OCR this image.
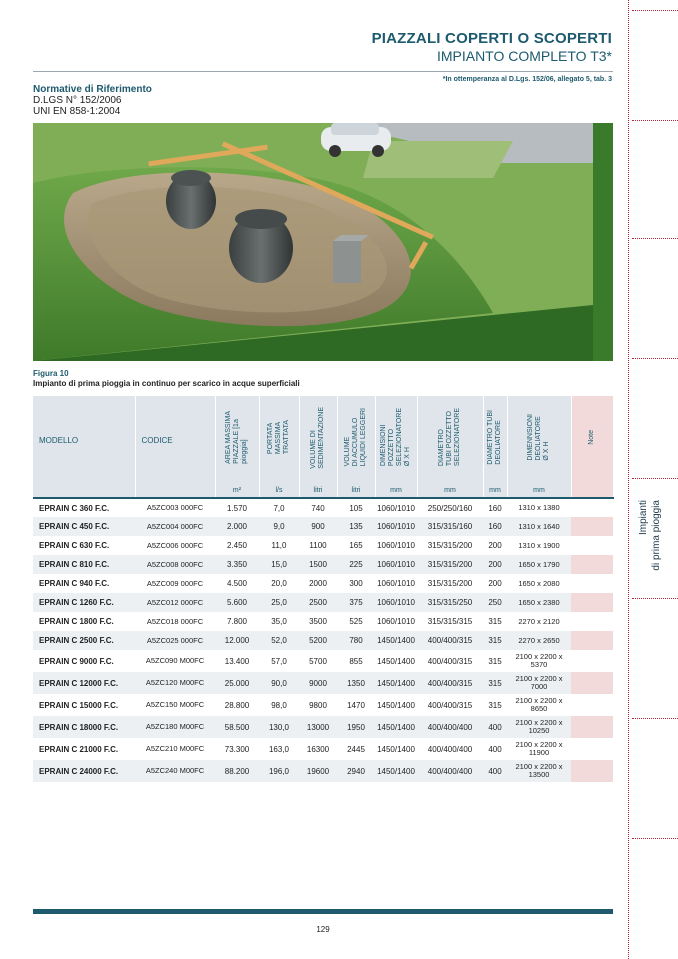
PIAZZALI COPERTI O SCOPERTI
IMPIANTO COMPLETO T3*
*In ottemperanza al D.Lgs. 152/06, allegato 5, tab. 3
Normative di Riferimento
D.LGS N° 152/2006
UNI EN 858-1:2004
Figura 10
Impianto di prima pioggia in continuo per scarico in acque superficiali
MODELLO	CODICE	AREA MASSIMA
PIAZZALE [1a
pioggia]	PORTATA
MASSIMA
TRATTATA	VOLUME DI
SEDIMENTAZIONE	VOLUME
DI ACCUMULO
LIQUIDI LEGGERI	DIMENSIONI
POZZETTO
SELEZIONATORE
Ø X H	DIAMETRO
TUBI POZZETTO
SELEZIONATORE	DIAMETRO TUBI
DEOLIATORE	DIMENNSIONI
DEOLIATORE
Ø X H	Note
		m²	l/s	litri	litri	mm	mm	mm	mm	
EPRAIN C 360 F.C.	A5ZC003 000FC	1.570	7,0	740	105	1060/1010	250/250/160	160	1310 x 1380	
EPRAIN C 450 F.C.	A5ZC004 000FC	2.000	9,0	900	135	1060/1010	315/315/160	160	1310 x 1640	
EPRAIN C 630 F.C.	A5ZC006 000FC	2.450	11,0	1100	165	1060/1010	315/315/200	200	1310 x 1900	
EPRAIN C 810 F.C.	A5ZC008 000FC	3.350	15,0	1500	225	1060/1010	315/315/200	200	1650 x 1790	
EPRAIN C 940 F.C.	A5ZC009 000FC	4.500	20,0	2000	300	1060/1010	315/315/200	200	1650 x 2080	
EPRAIN C 1260 F.C.	A5ZC012 000FC	5.600	25,0	2500	375	1060/1010	315/315/250	250	1650 x 2380	
EPRAIN C 1800 F.C.	A5ZC018 000FC	7.800	35,0	3500	525	1060/1010	315/315/315	315	2270 x 2120	
EPRAIN C 2500 F.C.	A5ZC025 000FC	12.000	52,0	5200	780	1450/1400	400/400/315	315	2270 x 2650	
EPRAIN C 9000 F.C.	A5ZC090 M00FC	13.400	57,0	5700	855	1450/1400	400/400/315	315	2100 x 2200 x 5370	
EPRAIN C 12000 F.C.	A5ZC120 M00FC	25.000	90,0	9000	1350	1450/1400	400/400/315	315	2100 x 2200 x 7000	
EPRAIN C 15000 F.C.	A5ZC150 M00FC	28.800	98,0	9800	1470	1450/1400	400/400/315	315	2100 x 2200 x 8650	
EPRAIN C 18000 F.C.	A5ZC180 M00FC	58.500	130,0	13000	1950	1450/1400	400/400/400	400	2100 x 2200 x 10250	
EPRAIN C 21000 F.C.	A5ZC210 M00FC	73.300	163,0	16300	2445	1450/1400	400/400/400	400	2100 x 2200 x 11900	
EPRAIN C 24000 F.C.	A5ZC240 M00FC	88.200	196,0	19600	2940	1450/1400	400/400/400	400	2100 x 2200 x 13500	
Impianti di prima pioggia
129
